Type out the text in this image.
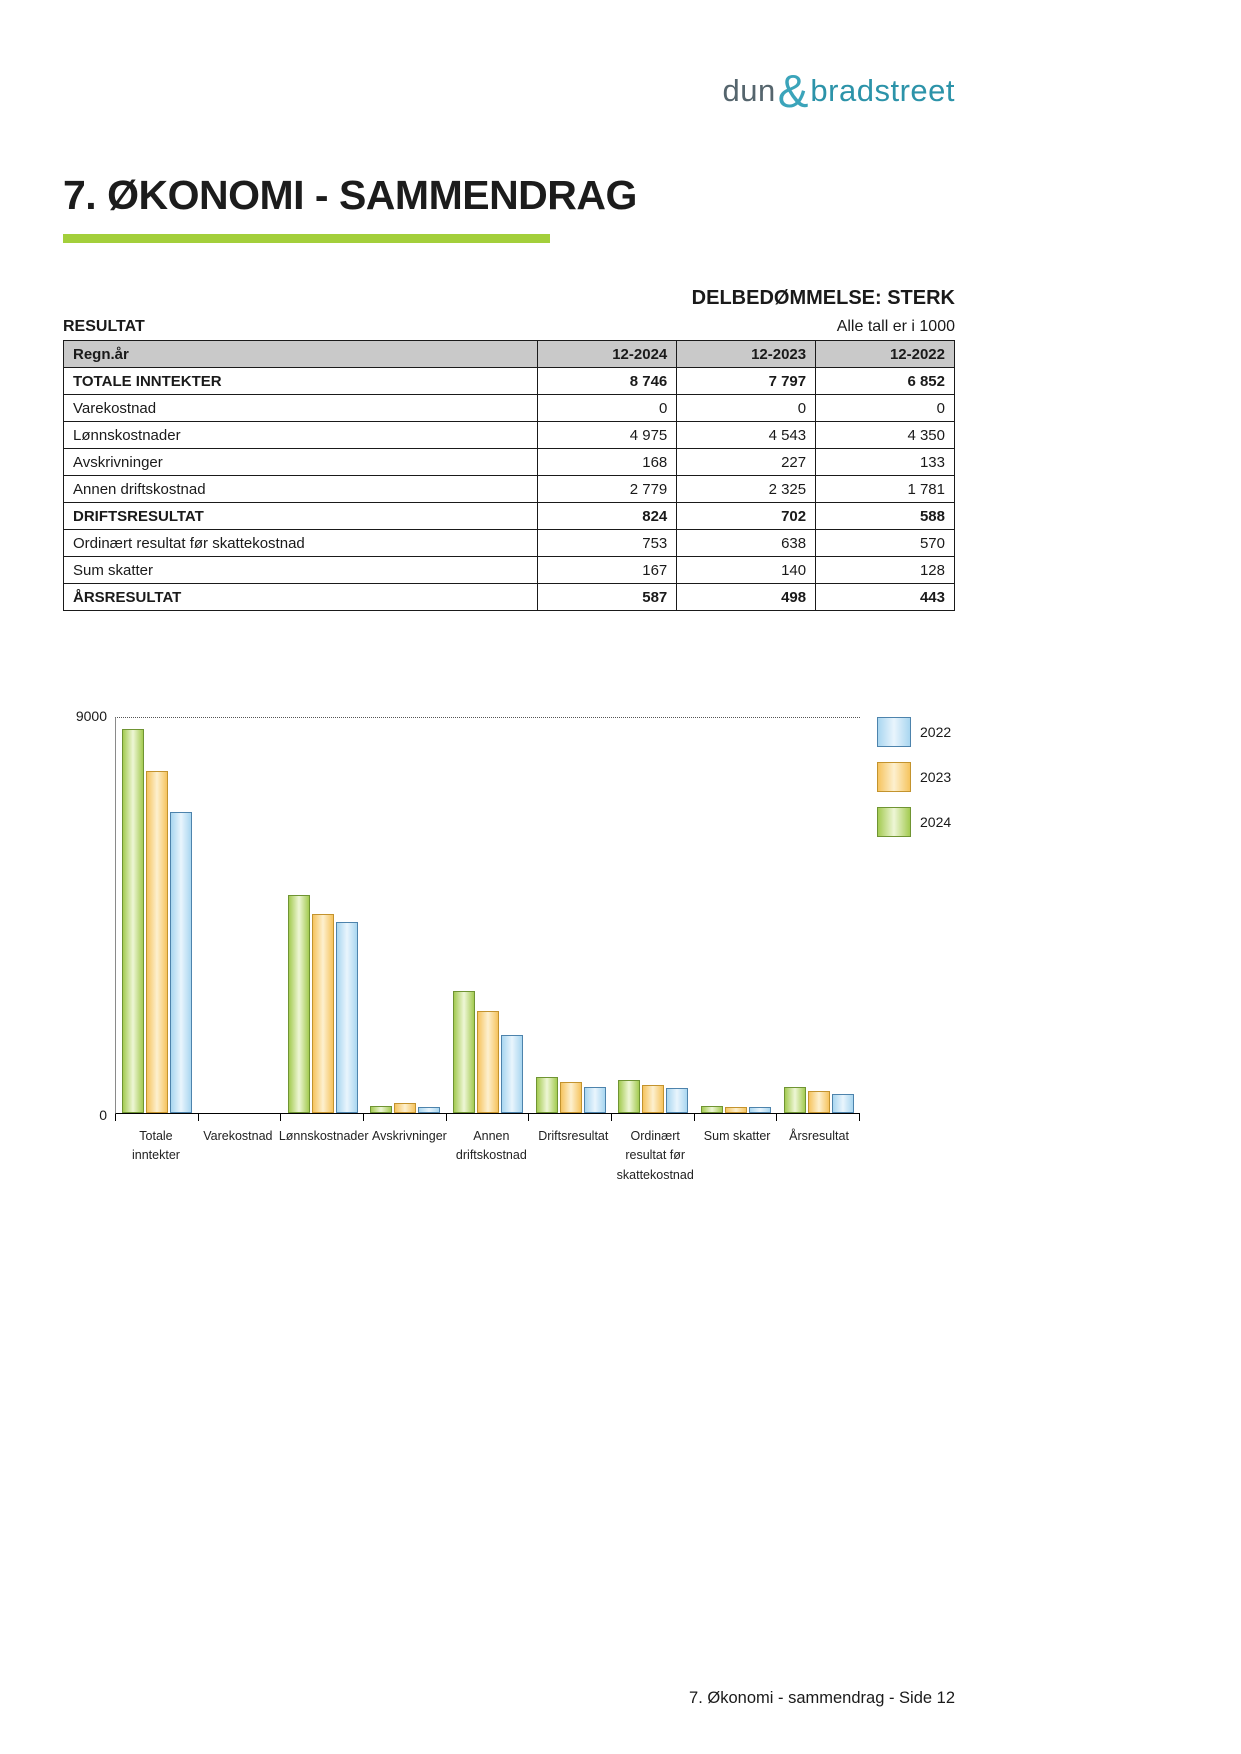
dun&bradstreet
7. ØKONOMI - SAMMENDRAG
DELBEDØMMELSE: STERK
RESULTAT	Alle tall er i 1000
Regn.år	12-2024	12-2023	12-2022
TOTALE INNTEKTER	8 746	7 797	6 852
Varekostnad	0	0	0
Lønnskostnader	4 975	4 543	4 350
Avskrivninger	168	227	133
Annen driftskostnad	2 779	2 325	1 781
DRIFTSRESULTAT	824	702	588
Ordinært resultat før skattekostnad	753	638	570
Sum skatter	167	140	128
ÅRSRESULTAT	587	498	443
9000
0
Totale
inntekter
Varekostnad Lønnskostnader Avskrivninger	Annen
driftskostnad
Driftsresultat	Ordinært
resultat før
skattekostnad
Sum skatter	Årsresultat
2022
2023
2024
7. Økonomi - sammendrag - Side 12
